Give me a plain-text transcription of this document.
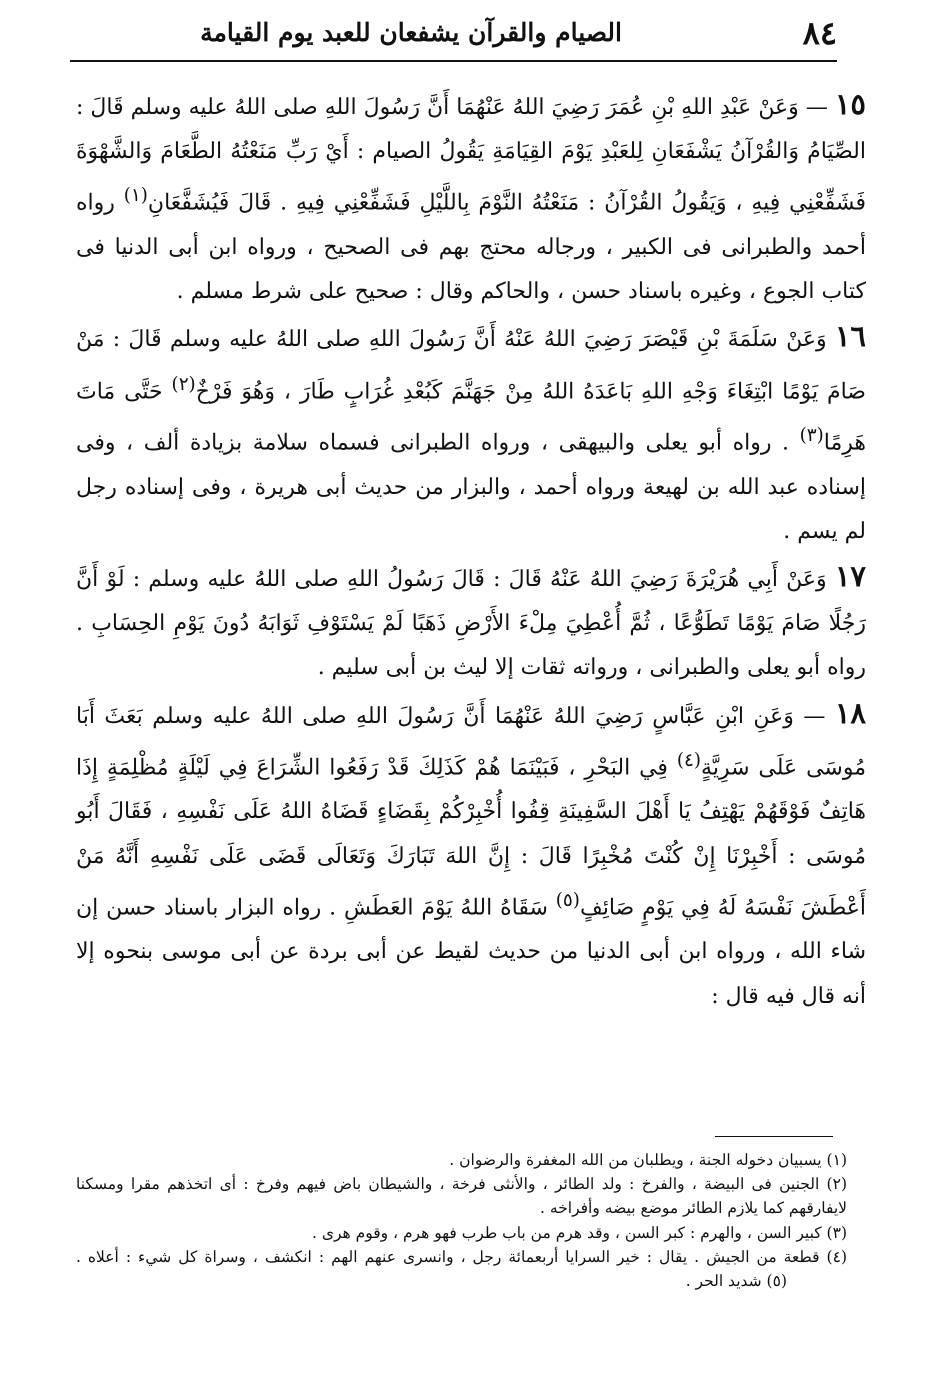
٨٤
الصيام والقرآن يشفعان للعبد يوم القيامة

١٥ — وَعَنْ عَبْدِ اللهِ بْنِ عُمَرَ رَضِيَ اللهُ عَنْهُمَا أَنَّ رَسُولَ اللهِ صلى اللهُ عليه وسلم قَالَ : الصِّيَامُ وَالقُرْآنُ يَشْفَعَانِ لِلعَبْدِ يَوْمَ القِيَامَةِ يَقُولُ الصيام : أَيْ رَبِّ مَنَعْتُهُ الطَّعَامَ وَالشَّهْوَةَ فَشَفِّعْنِي فِيهِ ، وَيَقُولُ القُرْآنُ : مَنَعْتُهُ النَّوْمَ بِاللَّيْلِ فَشَفِّعْنِي فِيهِ . قَالَ فَيُشَفَّعَانِ$^{(١)}$ رواه أحمد والطبرانى فى الكبير ، ورجاله محتج بهم فى الصحيح ، ورواه ابن أبى الدنيا فى كتاب الجوع ، وغيره باسناد حسن ، والحاكم وقال : صحيح على شرط مسلم .

١٦ وَعَنْ سَلَمَةَ بْنِ قَيْصَرَ رَضِيَ اللهُ عَنْهُ أَنَّ رَسُولَ اللهِ صلى اللهُ عليه وسلم قَالَ : مَنْ صَامَ يَوْمًا ابْتِغَاءَ وَجْهِ اللهِ بَاعَدَهُ اللهُ مِنْ جَهَنَّمَ كَبُعْدِ غُرَابٍ طَارَ ، وَهُوَ فَرْخٌ$^{(٢)}$ حَتَّى مَاتَ هَرِمًا$^{(٣)}$ . رواه أبو يعلى والبيهقى ، ورواه الطبرانى فسماه سلامة بزيادة ألف ، وفى إسناده عبد الله بن لهيعة ورواه أحمد ، والبزار من حديث أبى هريرة ، وفى إسناده رجل لم يسم .

١٧ وَعَنْ أَبِي هُرَيْرَةَ رَضِيَ اللهُ عَنْهُ قَالَ : قَالَ رَسُولُ اللهِ صلى اللهُ عليه وسلم : لَوْ أَنَّ رَجُلًا صَامَ يَوْمًا تَطَوُّعًا ، ثُمَّ أُعْطِيَ مِلْءَ الأَرْضِ ذَهَبًا لَمْ يَسْتَوْفِ ثَوَابَهُ دُونَ يَوْمِ الحِسَابِ . رواه أبو يعلى والطبرانى ، ورواته ثقات إلا ليث بن أبى سليم .

١٨ — وَعَنِ ابْنِ عَبَّاسٍ رَضِيَ اللهُ عَنْهُمَا أَنَّ رَسُولَ اللهِ صلى اللهُ عليه وسلم بَعَثَ أَبَا مُوسَى عَلَى سَرِيَّةٍ$^{(٤)}$ فِي البَحْرِ ، فَبَيْنَمَا هُمْ كَذَلِكَ قَدْ رَفَعُوا الشِّرَاعَ فِي لَيْلَةٍ مُظْلِمَةٍ إِذَا هَاتِفٌ فَوْقَهُمْ يَهْتِفُ يَا أَهْلَ السَّفِينَةِ قِفُوا أُخْبِرْكُمْ بِقَضَاءٍ قَضَاهُ اللهُ عَلَى نَفْسِهِ ، فَقَالَ أَبُو مُوسَى : أَخْبِرْنَا إِنْ كُنْتَ مُخْبِرًا قَالَ : إِنَّ اللهَ تَبَارَكَ وَتَعَالَى قَضَى عَلَى نَفْسِهِ أَنَّهُ مَنْ أَعْطَشَ نَفْسَهُ لَهُ فِي يَوْمٍ صَائِفٍ$^{(٥)}$ سَقَاهُ اللهُ يَوْمَ العَطَشِ . رواه البزار باسناد حسن إن شاء الله ، ورواه ابن أبى الدنيا من حديث لقيط عن أبى بردة عن أبى موسى بنحوه إلا أنه قال فيه قال :

(١) يسبيان دخوله الجنة ، ويطلبان من الله المغفرة والرضوان .

(٢) الجنين فى البيضة ، والفرخ : ولد الطائر ، والأنثى فرخة ، والشيطان باض فيهم وفرخ : أى اتخذهم مقرا ومسكنا لايفارقهم كما يلازم الطائر موضع بيضه وأفراخه .

(٣) كبير السن ، والهرم : كبر السن ، وقد هرم من باب طرب فهو هرم ، وقوم هرى .

(٤) قطعة من الجيش . يقال : خير السرايا أربعمائة رجل ، وانسرى عنهم الهم : انكشف ، وسراة كل شيء : أعلاه .(٥) شديد الحر .
